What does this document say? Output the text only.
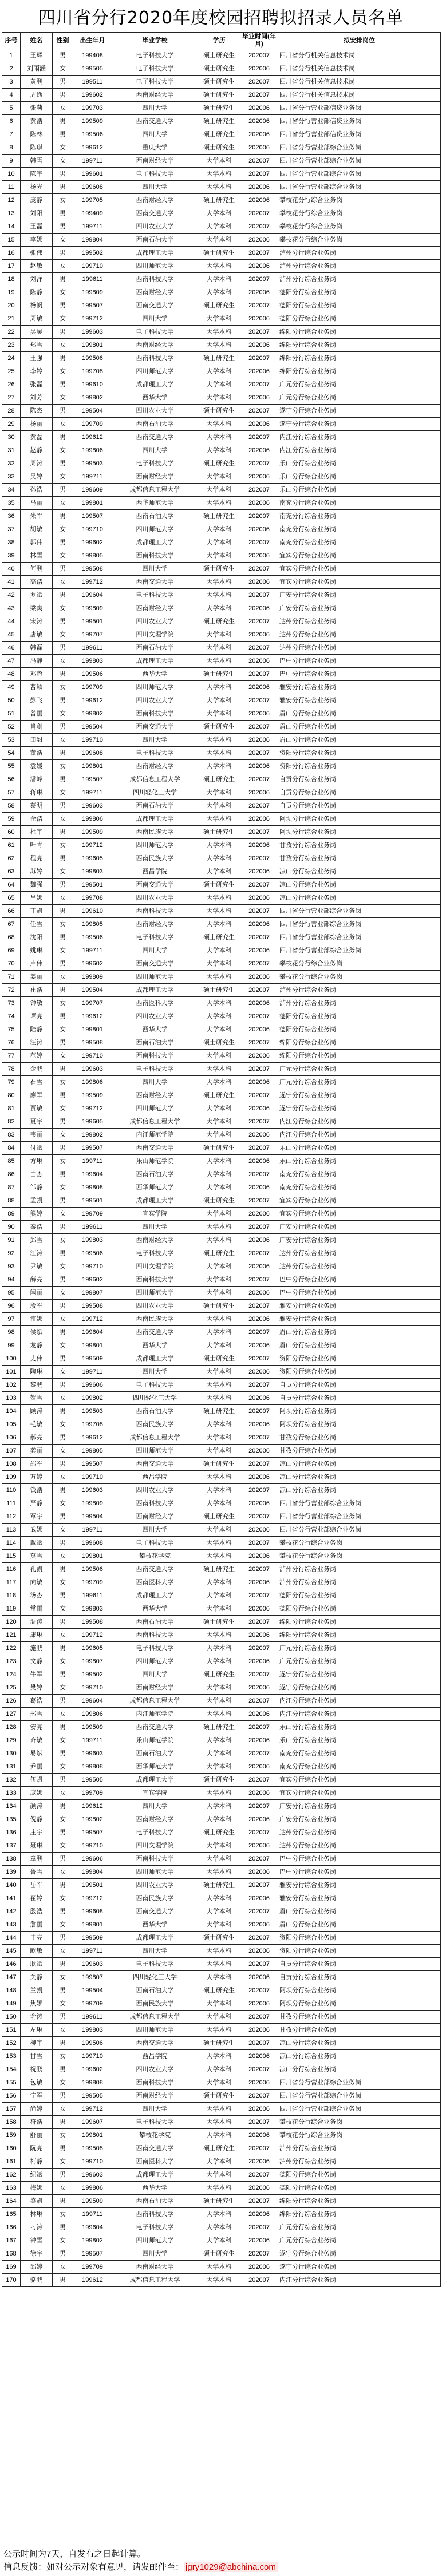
四川省分行2020年度校园招聘拟招录人员名单
序号	姓名	性别	出生年月	毕业学校	学历	毕业时间(年月)	拟安排岗位
1	王辉	男	199408	电子科技大学	硕士研究生	202007	四川省分行机关信息技术岗
2	刘雨涵	女	199505	电子科技大学	硕士研究生	202006	四川省分行机关信息技术岗
3	黄鹏	男	199511	电子科技大学	硕士研究生	202007	四川省分行机关信息技术岗
4	周逸	男	199602	西南财经大学	硕士研究生	202007	四川省分行机关信息技术岗
5	张莉	女	199703	四川大学	硕士研究生	202006	四川省分行营业部信贷业务岗
6	黄浩	男	199509	西南交通大学	硕士研究生	202006	四川省分行营业部信贷业务岗
7	陈林	男	199506	四川大学	硕士研究生	202006	四川省分行营业部信贷业务岗
8	陈琪	女	199612	重庆大学	硕士研究生	202006	四川省分行营业部综合业务岗
9	韩雪	女	199711	西南财经大学	大学本科	202007	四川省分行营业部综合业务岗
10	陈宇	男	199601	电子科技大学	大学本科	202007	四川省分行营业部综合业务岗
11	杨光	男	199608	四川大学	大学本科	202006	四川省分行营业部综合业务岗
12	庞静	女	199705	西南财经大学	硕士研究生	202006	攀枝花分行综合业务岗
13	刘阳	男	199409	西南交通大学	大学本科	202007	攀枝花分行综合业务岗
14	王磊	男	199711	四川农业大学	大学本科	202007	攀枝花分行综合业务岗
15	李娜	女	199804	西南石油大学	大学本科	202006	攀枝花分行综合业务岗
16	张伟	男	199502	成都理工大学	硕士研究生	202007	泸州分行综合业务岗
17	赵敏	女	199710	四川师范大学	大学本科	202006	泸州分行综合业务岗
18	刘洋	男	199611	西南科技大学	大学本科	202007	泸州分行综合业务岗
19	陈静	女	199809	西南财经大学	大学本科	202006	德阳分行综合业务岗
20	杨帆	男	199507	西南交通大学	硕士研究生	202007	德阳分行综合业务岗
21	周敏	女	199712	四川大学	大学本科	202006	德阳分行综合业务岗
22	吴昊	男	199603	电子科技大学	大学本科	202007	绵阳分行综合业务岗
23	郑雪	女	199801	西南财经大学	大学本科	202006	绵阳分行综合业务岗
24	王强	男	199506	西南科技大学	硕士研究生	202007	绵阳分行综合业务岗
25	李婷	女	199708	四川师范大学	大学本科	202006	绵阳分行综合业务岗
26	张磊	男	199610	成都理工大学	大学本科	202007	广元分行综合业务岗
27	刘芳	女	199802	西华大学	大学本科	202006	广元分行综合业务岗
28	陈杰	男	199504	四川农业大学	硕士研究生	202007	遂宁分行综合业务岗
29	杨丽	女	199709	西南石油大学	大学本科	202006	遂宁分行综合业务岗
30	黄磊	男	199612	西南交通大学	大学本科	202007	内江分行综合业务岗
31	赵静	女	199806	四川大学	大学本科	202006	内江分行综合业务岗
32	周涛	男	199503	电子科技大学	硕士研究生	202007	乐山分行综合业务岗
33	吴婷	女	199711	西南财经大学	大学本科	202006	乐山分行综合业务岗
34	孙浩	男	199609	成都信息工程大学	大学本科	202007	乐山分行综合业务岗
35	马丽	女	199801	西华师范大学	大学本科	202006	南充分行综合业务岗
36	朱军	男	199507	西南石油大学	硕士研究生	202007	南充分行综合业务岗
37	胡敏	女	199710	四川师范大学	大学本科	202006	南充分行综合业务岗
38	郭伟	男	199602	成都理工大学	大学本科	202007	南充分行综合业务岗
39	林雪	女	199805	西南科技大学	大学本科	202006	宜宾分行综合业务岗
40	何鹏	男	199508	四川大学	硕士研究生	202007	宜宾分行综合业务岗
41	高洁	女	199712	西南交通大学	大学本科	202006	宜宾分行综合业务岗
42	罗斌	男	199604	电子科技大学	大学本科	202007	广安分行综合业务岗
43	梁爽	女	199809	西南财经大学	大学本科	202006	广安分行综合业务岗
44	宋涛	男	199501	四川农业大学	硕士研究生	202007	达州分行综合业务岗
45	唐敏	女	199707	四川文理学院	大学本科	202006	达州分行综合业务岗
46	韩磊	男	199611	西南石油大学	大学本科	202007	达州分行综合业务岗
47	冯静	女	199803	成都理工大学	大学本科	202006	巴中分行综合业务岗
48	邓超	男	199506	西华大学	硕士研究生	202007	巴中分行综合业务岗
49	曹颖	女	199709	四川师范大学	大学本科	202006	雅安分行综合业务岗
50	彭飞	男	199612	四川农业大学	大学本科	202007	雅安分行综合业务岗
51	曾丽	女	199802	西南科技大学	大学本科	202006	眉山分行综合业务岗
52	肖剑	男	199504	西南交通大学	硕士研究生	202007	眉山分行综合业务岗
53	田甜	女	199710	四川大学	大学本科	202006	眉山分行综合业务岗
54	董浩	男	199608	电子科技大学	大学本科	202007	资阳分行综合业务岗
55	袁媛	女	199801	西南财经大学	大学本科	202006	资阳分行综合业务岗
56	潘峰	男	199507	成都信息工程大学	硕士研究生	202007	自贡分行综合业务岗
57	蒋琳	女	199711	四川轻化工大学	大学本科	202006	自贡分行综合业务岗
58	蔡明	男	199603	西南石油大学	大学本科	202007	自贡分行综合业务岗
59	余洁	女	199806	成都理工大学	大学本科	202006	阿坝分行综合业务岗
60	杜宇	男	199509	西南民族大学	硕士研究生	202007	阿坝分行综合业务岗
61	叶青	女	199712	四川师范大学	大学本科	202006	甘孜分行综合业务岗
62	程亮	男	199605	西南民族大学	大学本科	202007	甘孜分行综合业务岗
63	苏婷	女	199803	西昌学院	大学本科	202006	凉山分行综合业务岗
64	魏强	男	199501	西南交通大学	硕士研究生	202007	凉山分行综合业务岗
65	吕娜	女	199708	四川农业大学	大学本科	202006	凉山分行综合业务岗
66	丁凯	男	199610	西南科技大学	大学本科	202007	四川省分行营业部综合业务岗
67	任雪	女	199805	西南财经大学	大学本科	202006	四川省分行营业部综合业务岗
68	沈阳	男	199506	电子科技大学	硕士研究生	202007	四川省分行营业部综合业务岗
69	姚琳	女	199711	四川大学	大学本科	202006	四川省分行营业部综合业务岗
70	卢伟	男	199602	西南交通大学	大学本科	202007	攀枝花分行综合业务岗
71	姜丽	女	199809	四川师范大学	大学本科	202006	攀枝花分行综合业务岗
72	崔浩	男	199504	成都理工大学	硕士研究生	202007	泸州分行综合业务岗
73	钟敏	女	199707	西南医科大学	大学本科	202006	泸州分行综合业务岗
74	谭亮	男	199612	四川农业大学	大学本科	202007	德阳分行综合业务岗
75	陆静	女	199801	西华大学	大学本科	202006	德阳分行综合业务岗
76	汪涛	男	199508	西南石油大学	硕士研究生	202007	绵阳分行综合业务岗
77	范婷	女	199710	西南科技大学	大学本科	202006	绵阳分行综合业务岗
78	金鹏	男	199603	电子科技大学	大学本科	202007	广元分行综合业务岗
79	石雪	女	199806	四川大学	大学本科	202006	广元分行综合业务岗
80	廖军	男	199509	西南财经大学	硕士研究生	202007	遂宁分行综合业务岗
81	贾敏	女	199712	四川师范大学	大学本科	202006	遂宁分行综合业务岗
82	夏宇	男	199605	成都信息工程大学	大学本科	202007	内江分行综合业务岗
83	韦丽	女	199802	内江师范学院	大学本科	202006	内江分行综合业务岗
84	付斌	男	199507	西南交通大学	硕士研究生	202007	乐山分行综合业务岗
85	方琳	女	199711	乐山师范学院	大学本科	202006	乐山分行综合业务岗
86	白杰	男	199604	西南石油大学	大学本科	202007	南充分行综合业务岗
87	邹静	女	199808	西华师范大学	大学本科	202006	南充分行综合业务岗
88	孟凯	男	199501	成都理工大学	硕士研究生	202007	宜宾分行综合业务岗
89	熊婷	女	199709	宜宾学院	大学本科	202006	宜宾分行综合业务岗
90	秦浩	男	199611	四川大学	大学本科	202007	广安分行综合业务岗
91	邱雪	女	199803	西南财经大学	大学本科	202006	广安分行综合业务岗
92	江涛	男	199506	电子科技大学	硕士研究生	202007	达州分行综合业务岗
93	尹敏	女	199710	四川文理学院	大学本科	202006	达州分行综合业务岗
94	薛亮	男	199602	西南科技大学	大学本科	202007	巴中分行综合业务岗
95	闫丽	女	199807	四川师范大学	大学本科	202006	巴中分行综合业务岗
96	段军	男	199508	四川农业大学	硕士研究生	202007	雅安分行综合业务岗
97	雷娜	女	199712	西南民族大学	大学本科	202006	雅安分行综合业务岗
98	侯斌	男	199604	西南交通大学	大学本科	202007	眉山分行综合业务岗
99	龙静	女	199801	西华大学	大学本科	202006	眉山分行综合业务岗
100	史伟	男	199509	成都理工大学	硕士研究生	202007	资阳分行综合业务岗
101	陶琳	女	199711	四川大学	大学本科	202006	资阳分行综合业务岗
102	黎鹏	男	199606	电子科技大学	大学本科	202007	自贡分行综合业务岗
103	贺雪	女	199802	四川轻化工大学	大学本科	202006	自贡分行综合业务岗
104	顾涛	男	199503	西南石油大学	硕士研究生	202007	阿坝分行综合业务岗
105	毛敏	女	199708	西南民族大学	大学本科	202006	阿坝分行综合业务岗
106	郝亮	男	199612	成都信息工程大学	大学本科	202007	甘孜分行综合业务岗
107	龚丽	女	199805	四川师范大学	大学本科	202006	甘孜分行综合业务岗
108	邵军	男	199507	西南交通大学	硕士研究生	202007	凉山分行综合业务岗
109	万婷	女	199710	西昌学院	大学本科	202006	凉山分行综合业务岗
110	钱浩	男	199603	四川农业大学	大学本科	202007	凉山分行综合业务岗
111	严静	女	199809	西南科技大学	大学本科	202006	四川省分行营业部综合业务岗
112	覃宇	男	199504	西南财经大学	硕士研究生	202007	四川省分行营业部综合业务岗
113	武娜	女	199711	四川大学	大学本科	202006	四川省分行营业部综合业务岗
114	戴斌	男	199608	电子科技大学	大学本科	202007	攀枝花分行综合业务岗
115	莫雪	女	199801	攀枝花学院	大学本科	202006	攀枝花分行综合业务岗
116	孔凯	男	199506	西南交通大学	硕士研究生	202007	泸州分行综合业务岗
117	向敏	女	199709	西南医科大学	大学本科	202006	泸州分行综合业务岗
118	汤杰	男	199611	成都理工大学	大学本科	202007	德阳分行综合业务岗
119	常丽	女	199803	西华大学	大学本科	202006	德阳分行综合业务岗
120	温涛	男	199508	西南石油大学	硕士研究生	202007	绵阳分行综合业务岗
121	康琳	女	199712	西南科技大学	大学本科	202006	绵阳分行综合业务岗
122	施鹏	男	199605	电子科技大学	大学本科	202007	广元分行综合业务岗
123	文静	女	199807	四川师范大学	大学本科	202006	广元分行综合业务岗
124	牛军	男	199502	四川大学	硕士研究生	202007	遂宁分行综合业务岗
125	樊婷	女	199710	西南财经大学	大学本科	202006	遂宁分行综合业务岗
126	葛浩	男	199604	成都信息工程大学	大学本科	202007	内江分行综合业务岗
127	邢雪	女	199806	内江师范学院	大学本科	202006	内江分行综合业务岗
128	安亮	男	199509	西南交通大学	硕士研究生	202007	乐山分行综合业务岗
129	齐敏	女	199711	乐山师范学院	大学本科	202006	乐山分行综合业务岗
130	易斌	男	199603	西南石油大学	大学本科	202007	南充分行综合业务岗
131	乔丽	女	199808	西华师范大学	大学本科	202006	南充分行综合业务岗
132	伍凯	男	199505	成都理工大学	硕士研究生	202007	宜宾分行综合业务岗
133	庞娜	女	199709	宜宾学院	大学本科	202006	宜宾分行综合业务岗
134	颜涛	男	199612	四川大学	大学本科	202007	广安分行综合业务岗
135	倪静	女	199802	西南财经大学	大学本科	202006	广安分行综合业务岗
136	庄宇	男	199507	电子科技大学	硕士研究生	202007	达州分行综合业务岗
137	聂琳	女	199710	四川文理学院	大学本科	202006	达州分行综合业务岗
138	章鹏	男	199606	西南科技大学	大学本科	202007	巴中分行综合业务岗
139	鲁雪	女	199804	四川师范大学	大学本科	202006	巴中分行综合业务岗
140	岳军	男	199501	四川农业大学	硕士研究生	202007	雅安分行综合业务岗
141	翟婷	女	199712	西南民族大学	大学本科	202006	雅安分行综合业务岗
142	殷浩	男	199608	西南交通大学	大学本科	202007	眉山分行综合业务岗
143	詹丽	女	199801	西华大学	大学本科	202006	眉山分行综合业务岗
144	申亮	男	199509	成都理工大学	硕士研究生	202007	资阳分行综合业务岗
145	欧敏	女	199711	四川大学	大学本科	202006	资阳分行综合业务岗
146	耿斌	男	199603	电子科技大学	大学本科	202007	自贡分行综合业务岗
147	关静	女	199807	四川轻化工大学	大学本科	202006	自贡分行综合业务岗
148	兰凯	男	199504	西南石油大学	硕士研究生	202007	阿坝分行综合业务岗
149	焦娜	女	199709	西南民族大学	大学本科	202006	阿坝分行综合业务岗
150	俞涛	男	199611	成都信息工程大学	大学本科	202007	甘孜分行综合业务岗
151	左琳	女	199803	四川师范大学	大学本科	202006	甘孜分行综合业务岗
152	柳宇	男	199506	西南交通大学	硕士研究生	202007	凉山分行综合业务岗
153	甘雪	女	199710	西昌学院	大学本科	202006	凉山分行综合业务岗
154	祝鹏	男	199602	四川农业大学	大学本科	202007	凉山分行综合业务岗
155	包敏	女	199808	西南科技大学	大学本科	202006	四川省分行营业部综合业务岗
156	宁军	男	199505	西南财经大学	硕士研究生	202007	四川省分行营业部综合业务岗
157	尚婷	女	199712	四川大学	大学本科	202006	四川省分行营业部综合业务岗
158	符浩	男	199607	电子科技大学	大学本科	202007	攀枝花分行综合业务岗
159	舒丽	女	199801	攀枝花学院	大学本科	202006	攀枝花分行综合业务岗
160	阮亮	男	199508	西南交通大学	硕士研究生	202007	泸州分行综合业务岗
161	柯静	女	199710	西南医科大学	大学本科	202006	泸州分行综合业务岗
162	纪斌	男	199603	成都理工大学	大学本科	202007	德阳分行综合业务岗
163	梅娜	女	199806	西华大学	大学本科	202006	德阳分行综合业务岗
164	盛凯	男	199509	西南石油大学	硕士研究生	202007	绵阳分行综合业务岗
165	林琳	女	199711	西南科技大学	大学本科	202006	绵阳分行综合业务岗
166	刁涛	男	199604	电子科技大学	大学本科	202007	广元分行综合业务岗
167	钟雪	女	199802	四川师范大学	大学本科	202006	广元分行综合业务岗
168	徐宇	男	199507	四川大学	硕士研究生	202007	遂宁分行综合业务岗
169	邱婷	女	199709	西南财经大学	大学本科	202006	遂宁分行综合业务岗
170	骆鹏	男	199612	成都信息工程大学	大学本科	202007	内江分行综合业务岗
公示时间为7天，自发布之日起计算。
信息反馈：如对公示对象有意见，请发邮件至： jgry1029@abchina.com
